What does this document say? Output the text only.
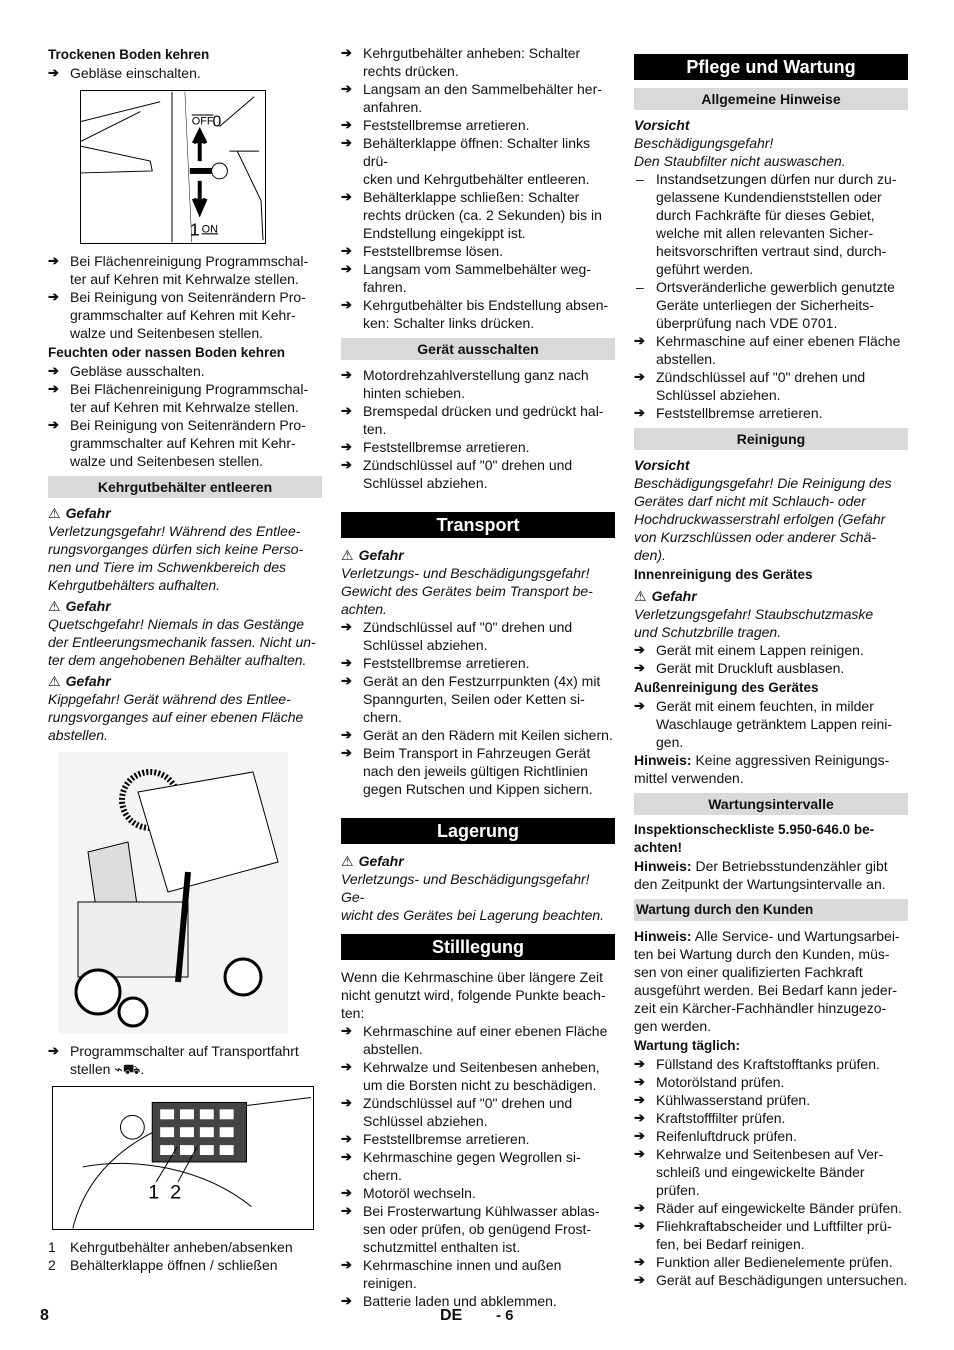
Trockenen Boden kehren
➔ Gebläse einschalten.
OFF 0
1 ON
➔ Bei Flächenreinigung Programmschal-
ter auf Kehren mit Kehrwalze stellen.
➔ Bei Reinigung von Seitenrändern Pro-
grammschalter auf Kehren mit Kehr-
walze und Seitenbesen stellen.
Feuchten oder nassen Boden kehren
➔ Gebläse ausschalten.
➔ Bei Flächenreinigung Programmschal-
ter auf Kehren mit Kehrwalze stellen.
➔ Bei Reinigung von Seitenrändern Pro-
grammschalter auf Kehren mit Kehr-
walze und Seitenbesen stellen.
Kehrgutbehälter entleeren
⚠ Gefahr
Verletzungsgefahr! Während des Entlee-
rungsvorganges dürfen sich keine Perso-
nen und Tiere im Schwenkbereich des
Kehrgutbehälters aufhalten.
⚠ Gefahr
Quetschgefahr! Niemals in das Gestänge
der Entleerungsmechanik fassen. Nicht un-
ter dem angehobenen Behälter aufhalten.
⚠ Gefahr
Kippgefahr! Gerät während des Entlee-
rungsvorganges auf einer ebenen Fläche
abstellen.
➔ Programmschalter auf Transportfahrt
stellen ⌁⛟.
1 2
1 Kehrgutbehälter anheben/absenken
2 Behälterklappe öffnen / schließen
➔ Kehrgutbehälter anheben: Schalter
rechts drücken.
➔ Langsam an den Sammelbehälter her-
anfahren.
➔ Feststellbremse arretieren.
➔ Behälterklappe öffnen: Schalter links drü-
cken und Kehrgutbehälter entleeren.
➔ Behälterklappe schließen: Schalter
rechts drücken (ca. 2 Sekunden) bis in
Endstellung eingekippt ist.
➔ Feststellbremse lösen.
➔ Langsam vom Sammelbehälter weg-
fahren.
➔ Kehrgutbehälter bis Endstellung absen-
ken: Schalter links drücken.
Gerät ausschalten
➔ Motordrehzahlverstellung ganz nach
hinten schieben.
➔ Bremspedal drücken und gedrückt hal-
ten.
➔ Feststellbremse arretieren.
➔ Zündschlüssel auf "0" drehen und
Schlüssel abziehen.
Transport
⚠ Gefahr
Verletzungs- und Beschädigungsgefahr!
Gewicht des Gerätes beim Transport be-
achten.
➔ Zündschlüssel auf "0" drehen und
Schlüssel abziehen.
➔ Feststellbremse arretieren.
➔ Gerät an den Festzurrpunkten (4x) mit
Spanngurten, Seilen oder Ketten si-
chern.
➔ Gerät an den Rädern mit Keilen sichern.
➔ Beim Transport in Fahrzeugen Gerät
nach den jeweils gültigen Richtlinien
gegen Rutschen und Kippen sichern.
Lagerung
⚠ Gefahr
Verletzungs- und Beschädigungsgefahr! Ge-
wicht des Gerätes bei Lagerung beachten.
Stilllegung
Wenn die Kehrmaschine über längere Zeit
nicht genutzt wird, folgende Punkte beach-
ten:
➔ Kehrmaschine auf einer ebenen Fläche
abstellen.
➔ Kehrwalze und Seitenbesen anheben,
um die Borsten nicht zu beschädigen.
➔ Zündschlüssel auf "0" drehen und
Schlüssel abziehen.
➔ Feststellbremse arretieren.
➔ Kehrmaschine gegen Wegrollen si-
chern.
➔ Motoröl wechseln.
➔ Bei Frosterwartung Kühlwasser ablas-
sen oder prüfen, ob genügend Frost-
schutzmittel enthalten ist.
➔ Kehrmaschine innen und außen reinigen.
➔ Batterie laden und abklemmen.
Pflege und Wartung
Allgemeine Hinweise
Vorsicht
Beschädigungsgefahr!
Den Staubfilter nicht auswaschen.
– Instandsetzungen dürfen nur durch zu-
gelassene Kundendienststellen oder
durch Fachkräfte für dieses Gebiet,
welche mit allen relevanten Sicher-
heitsvorschriften vertraut sind, durch-
geführt werden.
– Ortsveränderliche gewerblich genutzte
Geräte unterliegen der Sicherheits-
überprüfung nach VDE 0701.
➔ Kehrmaschine auf einer ebenen Fläche
abstellen.
➔ Zündschlüssel auf "0" drehen und
Schlüssel abziehen.
➔ Feststellbremse arretieren.
Reinigung
Vorsicht
Beschädigungsgefahr! Die Reinigung des
Gerätes darf nicht mit Schlauch- oder
Hochdruckwasserstrahl erfolgen (Gefahr
von Kurzschlüssen oder anderer Schä-
den).
Innenreinigung des Gerätes
⚠ Gefahr
Verletzungsgefahr! Staubschutzmaske
und Schutzbrille tragen.
➔ Gerät mit einem Lappen reinigen.
➔ Gerät mit Druckluft ausblasen.
Außenreinigung des Gerätes
➔ Gerät mit einem feuchten, in milder
Waschlauge getränktem Lappen reini-
gen.
Hinweis: Keine aggressiven Reinigungs-
mittel verwenden.
Wartungsintervalle
Inspektionscheckliste 5.950-646.0 be-
achten!
Hinweis: Der Betriebsstundenzähler gibt
den Zeitpunkt der Wartungsintervalle an.
Wartung durch den Kunden
Hinweis: Alle Service- und Wartungsarbei-
ten bei Wartung durch den Kunden, müs-
sen von einer qualifizierten Fachkraft
ausgeführt werden. Bei Bedarf kann jeder-
zeit ein Kärcher-Fachhändler hinzugezo-
gen werden.
Wartung täglich:
➔ Füllstand des Kraftstofftanks prüfen.
➔ Motorölstand prüfen.
➔ Kühlwasserstand prüfen.
➔ Kraftstofffilter prüfen.
➔ Reifenluftdruck prüfen.
➔ Kehrwalze und Seitenbesen auf Ver-
schleiß und eingewickelte Bänder prüfen.
➔ Räder auf eingewickelte Bänder prüfen.
➔ Fliehkraftabscheider und Luftfilter prü-
fen, bei Bedarf reinigen.
➔ Funktion aller Bedienelemente prüfen.
➔ Gerät auf Beschädigungen untersuchen.
8	DE - 6
